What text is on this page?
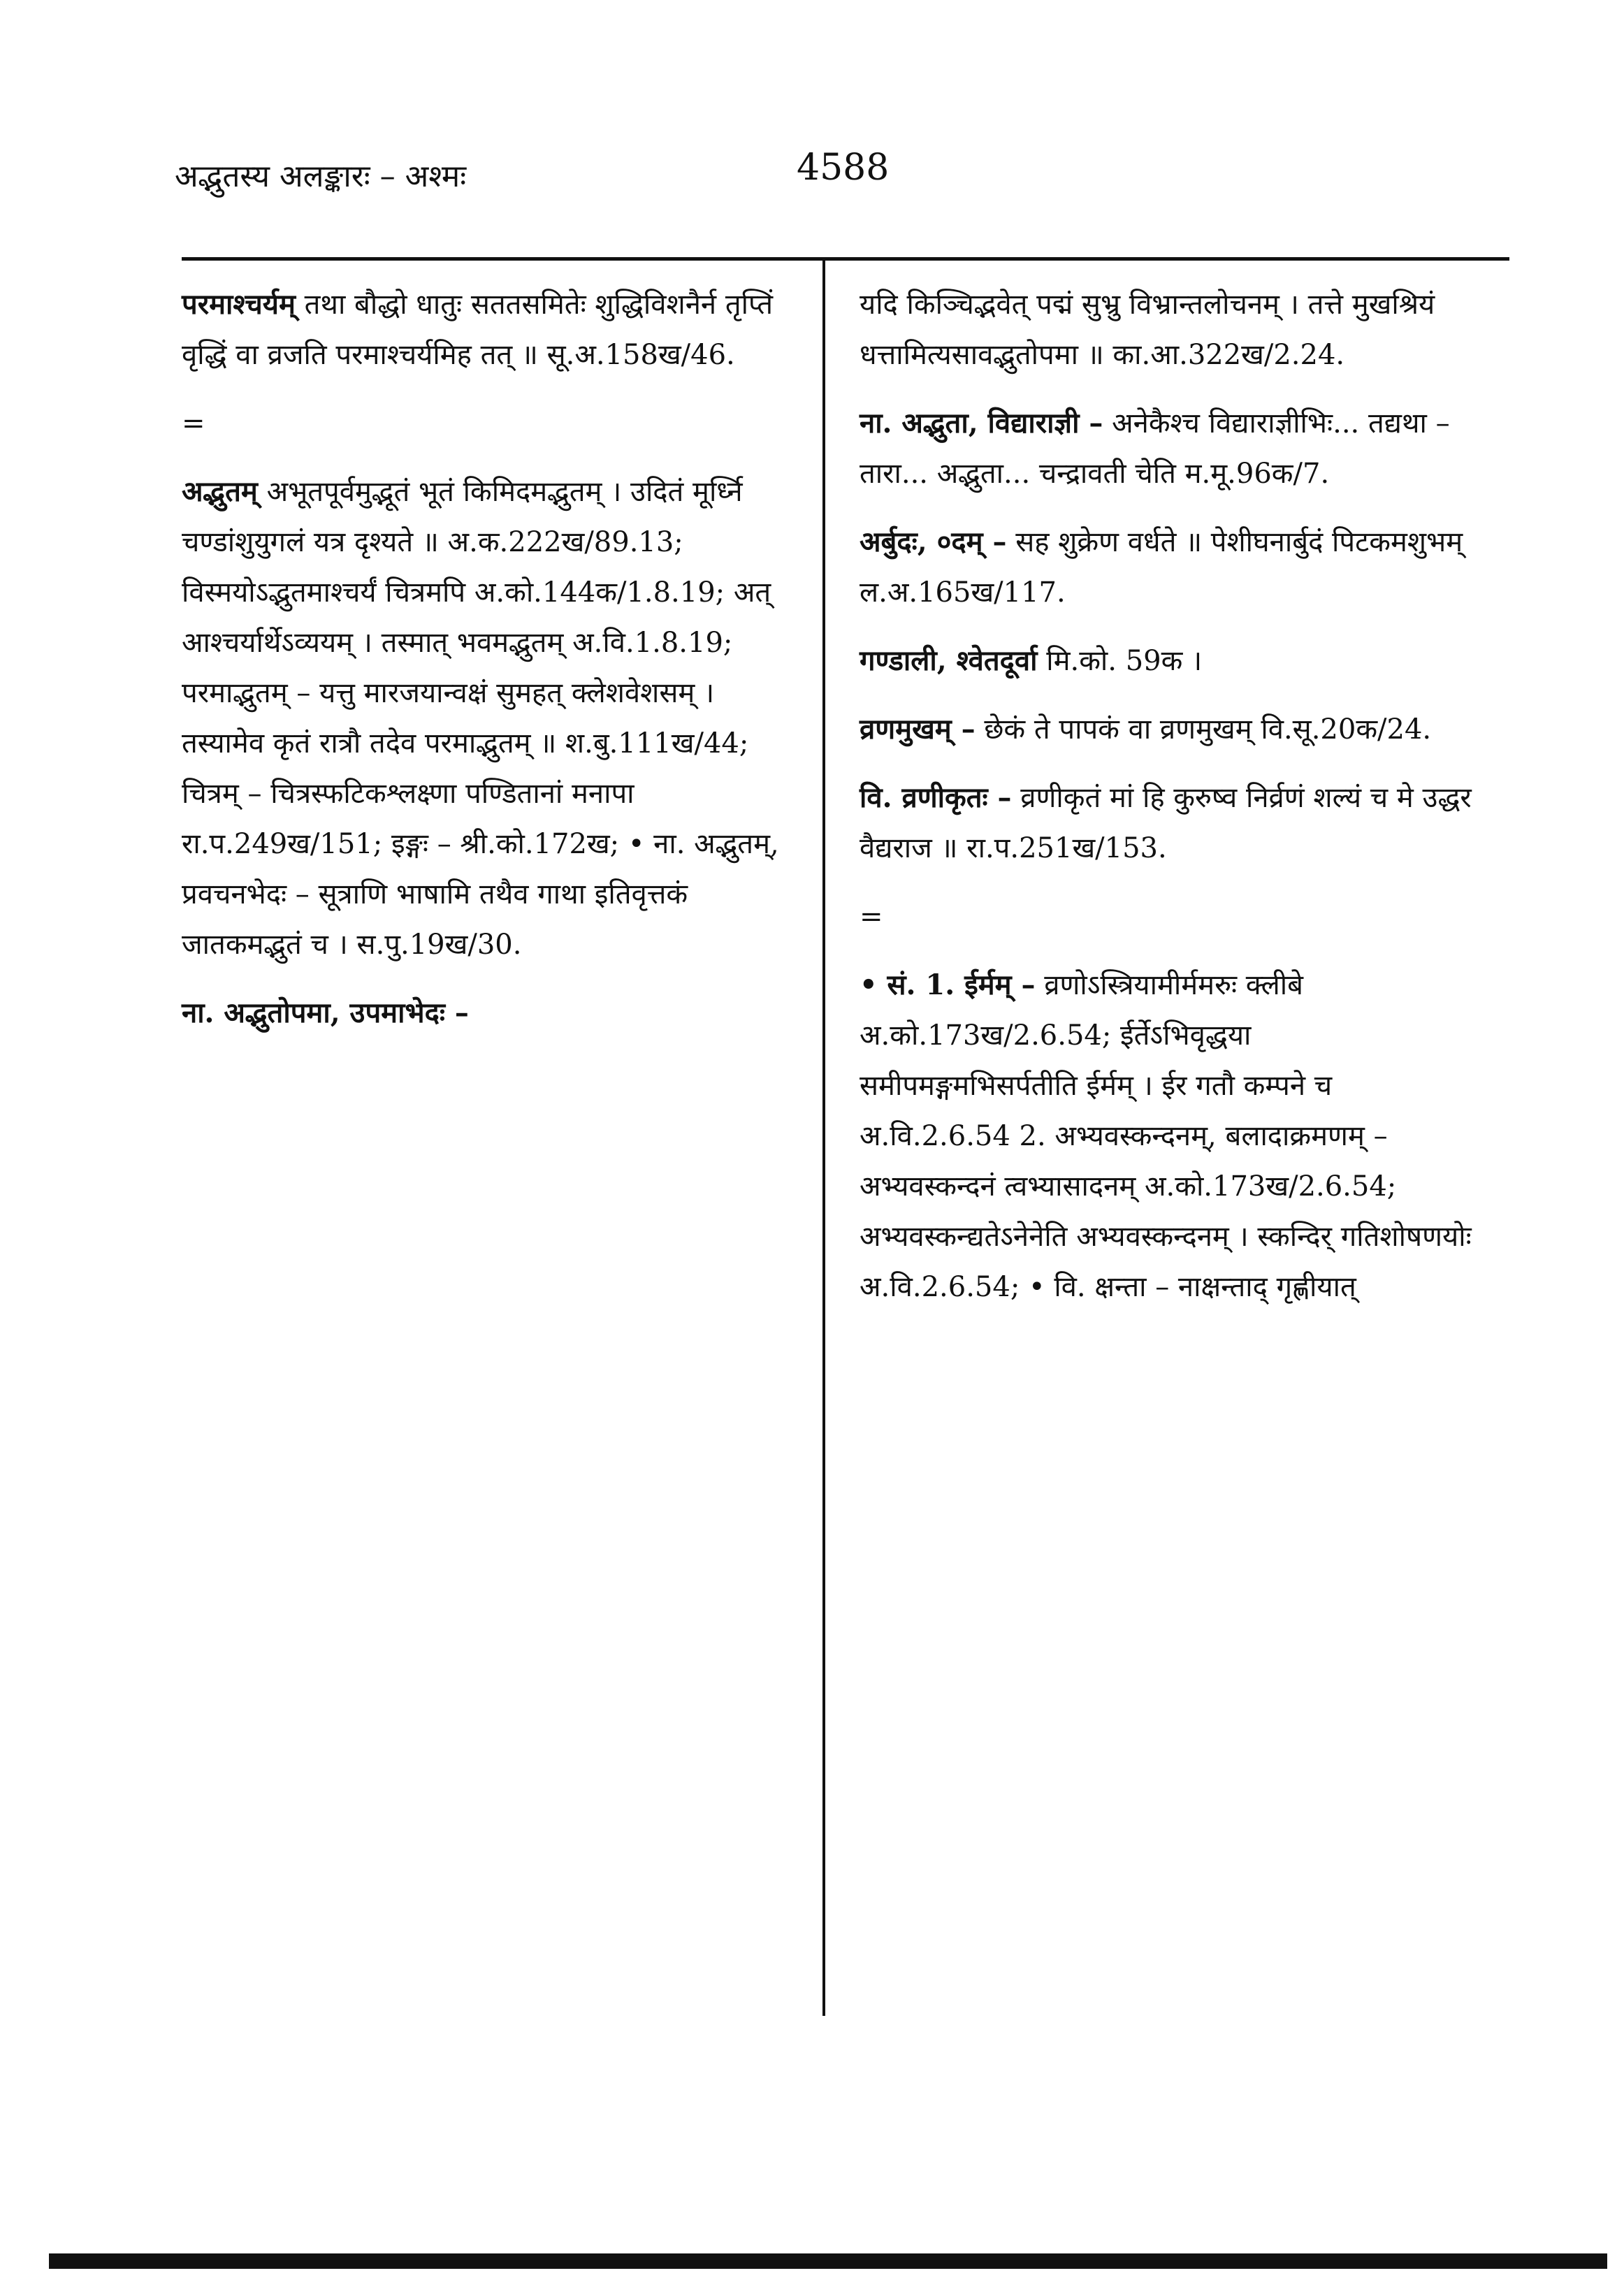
अद्भुतस्य अलङ्कारः – अश्मः	4588
परमाश्चर्यम् तथा बौद्धो धातुः सततसमितेः शुद्धिविशनैर्न तृप्तिं वृद्धिं वा व्रजति परमाश्चर्यमिह तत् ॥ सू.अ.158ख/46.
=
अद्भुतम् अभूतपूर्वमुद्भूतं भूतं किमिदमद्भुतम् । उदितं मूर्ध्नि चण्डांशुयुगलं यत्र दृश्यते ॥ अ.क.222ख/89.13; विस्मयोऽद्भुतमाश्चर्यं चित्रमपि अ.को.144क/1.8.19; अत् आश्चर्यार्थेऽव्ययम् । तस्मात् भवमद्भुतम् अ.वि.1.8.19; परमाद्भुतम् – यत्तु मारजयान्वक्षं सुमहत् क्लेशवेशसम् । तस्यामेव कृतं रात्रौ तदेव परमाद्भुतम् ॥ श.बु.111ख/44; चित्रम् – चित्रस्फटिकश्लक्ष्णा पण्डितानां मनापा रा.प.249ख/151; इङ्गः – श्री.को.172ख; • ना. अद्भुतम्, प्रवचनभेदः – सूत्राणि भाषामि तथैव गाथा इतिवृत्तकं जातकमद्भुतं च । स.पु.19ख/30.
ना. अद्भुतोपमा, उपमाभेदः –
यदि किञ्चिद्भवेत् पद्मं सुभ्रु विभ्रान्तलोचनम् । तत्ते मुखश्रियं धत्तामित्यसावद्भुतोपमा ॥ का.आ.322ख/2.24.
ना. अद्भुता, विद्याराज्ञी – अनेकैश्च विद्याराज्ञीभिः... तद्यथा – तारा... अद्भुता... चन्द्रावती चेति म.मू.96क/7.
अर्बुदः, ०दम् – सह शुक्रेण वर्धते ॥ पेशीघनार्बुदं पिटकमशुभम् ल.अ.165ख/117.
गण्डाली, श्वेतदूर्वा मि.को. 59क ।
व्रणमुखम् – छेकं ते पापकं वा व्रणमुखम् वि.सू.20क/24.
वि. व्रणीकृतः – व्रणीकृतं मां हि कुरुष्व निर्व्रणं शल्यं च मे उद्धर वैद्यराज ॥ रा.प.251ख/153.
=
• सं. 1. ईर्मम् – व्रणोऽस्त्रियामीर्ममरुः क्लीबे अ.को.173ख/2.6.54; ईर्तेऽभिवृद्धया समीपमङ्गमभिसर्पतीति ईर्मम् । ईर गतौ कम्पने च अ.वि.2.6.54 2. अभ्यवस्कन्दनम्, बलादाक्रमणम् – अभ्यवस्कन्दनं त्वभ्यासादनम् अ.को.173ख/2.6.54; अभ्यवस्कन्द्यतेऽनेनेति अभ्यवस्कन्दनम् । स्कन्दिर् गतिशोषणयोः अ.वि.2.6.54; • वि. क्षन्ता – नाक्षन्ताद् गृह्णीयात्
